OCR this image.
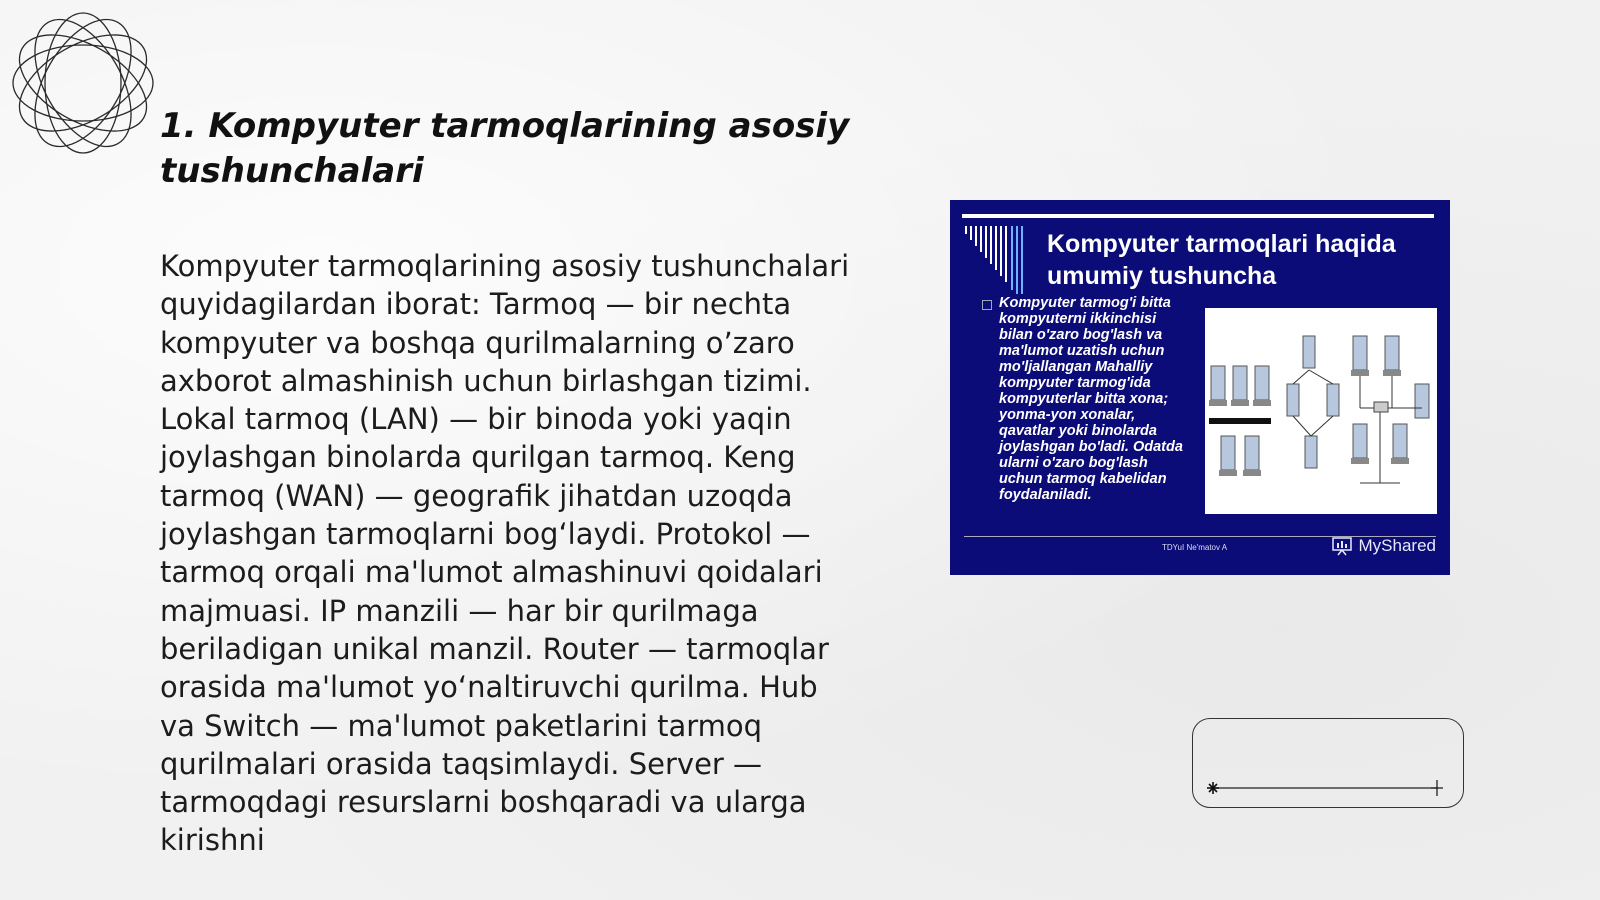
1. Kompyuter tarmoqlarining asosiy tushunchalari

Kompyuter tarmoqlarining asosiy tushunchalari quyidagilardan iborat: Tarmoq — bir nechta kompyuter va boshqa qurilmalarning o’zaro axborot almashinish uchun birlashgan tizimi. Lokal tarmoq (LAN) — bir binoda yoki yaqin joylashgan binolarda qurilgan tarmoq. Keng tarmoq (WAN) — geografik jihatdan uzoqda joylashgan tarmoqlarni bog‘laydi. Protokol — tarmoq orqali ma'lumot almashinuvi qoidalari majmuasi. IP manzili — har bir qurilmaga beriladigan unikal manzil. Router — tarmoqlar orasida ma'lumot yo‘naltiruvchi qurilma. Hub va Switch — ma'lumot paketlarini tarmoq qurilmalari orasida taqsimlaydi. Server — tarmoqdagi resurslarni boshqaradi va ularga kirishni

Kompyuter tarmoqlari haqida umumiy tushuncha
Kompyuter tarmog'i bitta kompyuterni ikkinchisi bilan o'zaro bog'lash va ma'lumot uzatish uchun mo'ljallangan Mahalliy kompyuter tarmog'ida kompyuterlar bitta xona; yonma-yon xonalar, qavatlar yoki binolarda joylashgan bo'ladi. Odatda ularni o'zaro bog'lash uchun tarmoq kabelidan foydalaniladi.
TDYuI Ne'matov A	MyShared
